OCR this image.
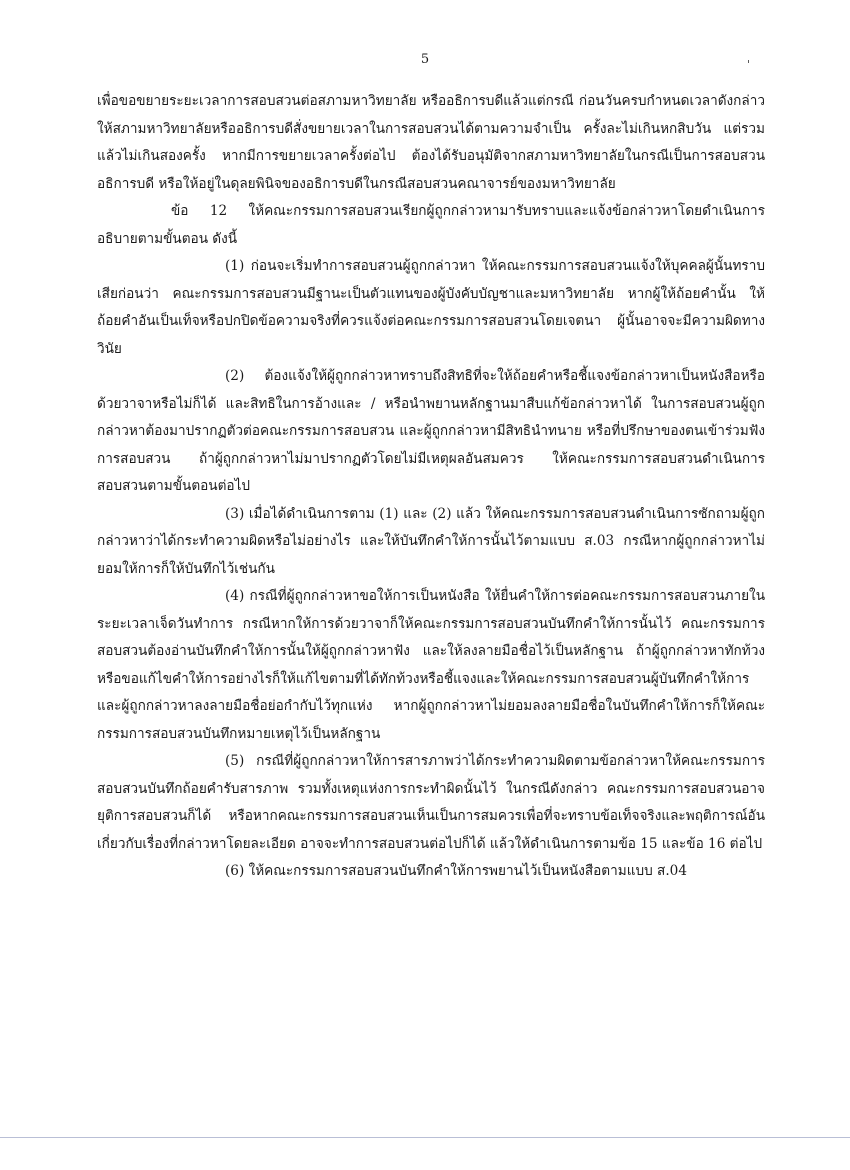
5	'

เพื่อขอขยายระยะเวลาการสอบสวนต่อสภามหาวิทยาลัย หรืออธิการบดีแล้วแต่กรณี ก่อนวันครบกำหนดเวลาดังกล่าว ให้สภามหาวิทยาลัยหรืออธิการบดีสั่งขยายเวลาในการสอบสวนได้ตามความจำเป็น ครั้งละไม่เกินหกสิบวัน แต่รวมแล้วไม่เกินสองครั้ง หากมีการขยายเวลาครั้งต่อไป ต้องได้รับอนุมัติจากสภามหาวิทยาลัยในกรณีเป็นการสอบสวนอธิการบดี หรือให้อยู่ในดุลยพินิจของอธิการบดีในกรณีสอบสวนคณาจารย์ของมหาวิทยาลัย

ข้อ 12 ให้คณะกรรมการสอบสวนเรียกผู้ถูกกล่าวหามารับทราบและแจ้งข้อกล่าวหาโดยดำเนินการอธิบายตามขั้นตอน ดังนี้

(1) ก่อนจะเริ่มทำการสอบสวนผู้ถูกกล่าวหา ให้คณะกรรมการสอบสวนแจ้งให้บุคคลผู้นั้นทราบเสียก่อนว่า คณะกรรมการสอบสวนมีฐานะเป็นตัวแทนของผู้บังคับบัญชาและมหาวิทยาลัย หากผู้ให้ถ้อยคำนั้น ให้ถ้อยคำอันเป็นเท็จหรือปกปิดข้อความจริงที่ควรแจ้งต่อคณะกรรมการสอบสวนโดยเจตนา ผู้นั้นอาจจะมีความผิดทางวินัย

(2) ต้องแจ้งให้ผู้ถูกกล่าวหาทราบถึงสิทธิที่จะให้ถ้อยคำหรือชี้แจงข้อกล่าวหาเป็นหนังสือหรือด้วยวาจาหรือไม่ก็ได้ และสิทธิในการอ้างและ / หรือนำพยานหลักฐานมาสืบแก้ข้อกล่าวหาได้ ในการสอบสวนผู้ถูกกล่าวหาต้องมาปรากฏตัวต่อคณะกรรมการสอบสวน และผู้ถูกกล่าวหามีสิทธินำทนาย หรือที่ปรึกษาของตนเข้าร่วมฟังการสอบสวน ถ้าผู้ถูกกล่าวหาไม่มาปรากฏตัวโดยไม่มีเหตุผลอันสมควร ให้คณะกรรมการสอบสวนดำเนินการสอบสวนตามขั้นตอนต่อไป

(3) เมื่อได้ดำเนินการตาม (1) และ (2) แล้ว ให้คณะกรรมการสอบสวนดำเนินการซักถามผู้ถูกกล่าวหาว่าได้กระทำความผิดหรือไม่อย่างไร และให้บันทึกคำให้การนั้นไว้ตามแบบ ส.03 กรณีหากผู้ถูกกล่าวหาไม่ยอมให้การก็ให้บันทึกไว้เช่นกัน

(4) กรณีที่ผู้ถูกกล่าวหาขอให้การเป็นหนังสือ ให้ยื่นคำให้การต่อคณะกรรมการสอบสวนภายในระยะเวลาเจ็ดวันทำการ กรณีหากให้การด้วยวาจาก็ให้คณะกรรมการสอบสวนบันทึกคำให้การนั้นไว้ คณะกรรมการสอบสวนต้องอ่านบันทึกคำให้การนั้นให้ผู้ถูกกล่าวหาฟัง และให้ลงลายมือชื่อไว้เป็นหลักฐาน ถ้าผู้ถูกกล่าวหาทักท้วงหรือขอแก้ไขคำให้การอย่างไรก็ให้แก้ไขตามที่ได้ทักท้วงหรือชี้แจงและให้คณะกรรมการสอบสวนผู้บันทึกคำให้การและผู้ถูกกล่าวหาลงลายมือชื่อย่อกำกับไว้ทุกแห่ง หากผู้ถูกกล่าวหาไม่ยอมลงลายมือชื่อในบันทึกคำให้การก็ให้คณะกรรมการสอบสวนบันทึกหมายเหตุไว้เป็นหลักฐาน

(5) กรณีที่ผู้ถูกกล่าวหาให้การสารภาพว่าได้กระทำความผิดตามข้อกล่าวหาให้คณะกรรมการสอบสวนบันทึกถ้อยคำรับสารภาพ รวมทั้งเหตุแห่งการกระทำผิดนั้นไว้ ในกรณีดังกล่าว คณะกรรมการสอบสวนอาจยุติการสอบสวนก็ได้ หรือหากคณะกรรมการสอบสวนเห็นเป็นการสมควรเพื่อที่จะทราบข้อเท็จจริงและพฤติการณ์อันเกี่ยวกับเรื่องที่กล่าวหาโดยละเอียด อาจจะทำการสอบสวนต่อไปก็ได้ แล้วให้ดำเนินการตามข้อ 15 และข้อ 16 ต่อไป

(6) ให้คณะกรรมการสอบสวนบันทึกคำให้การพยานไว้เป็นหนังสือตามแบบ ส.04
